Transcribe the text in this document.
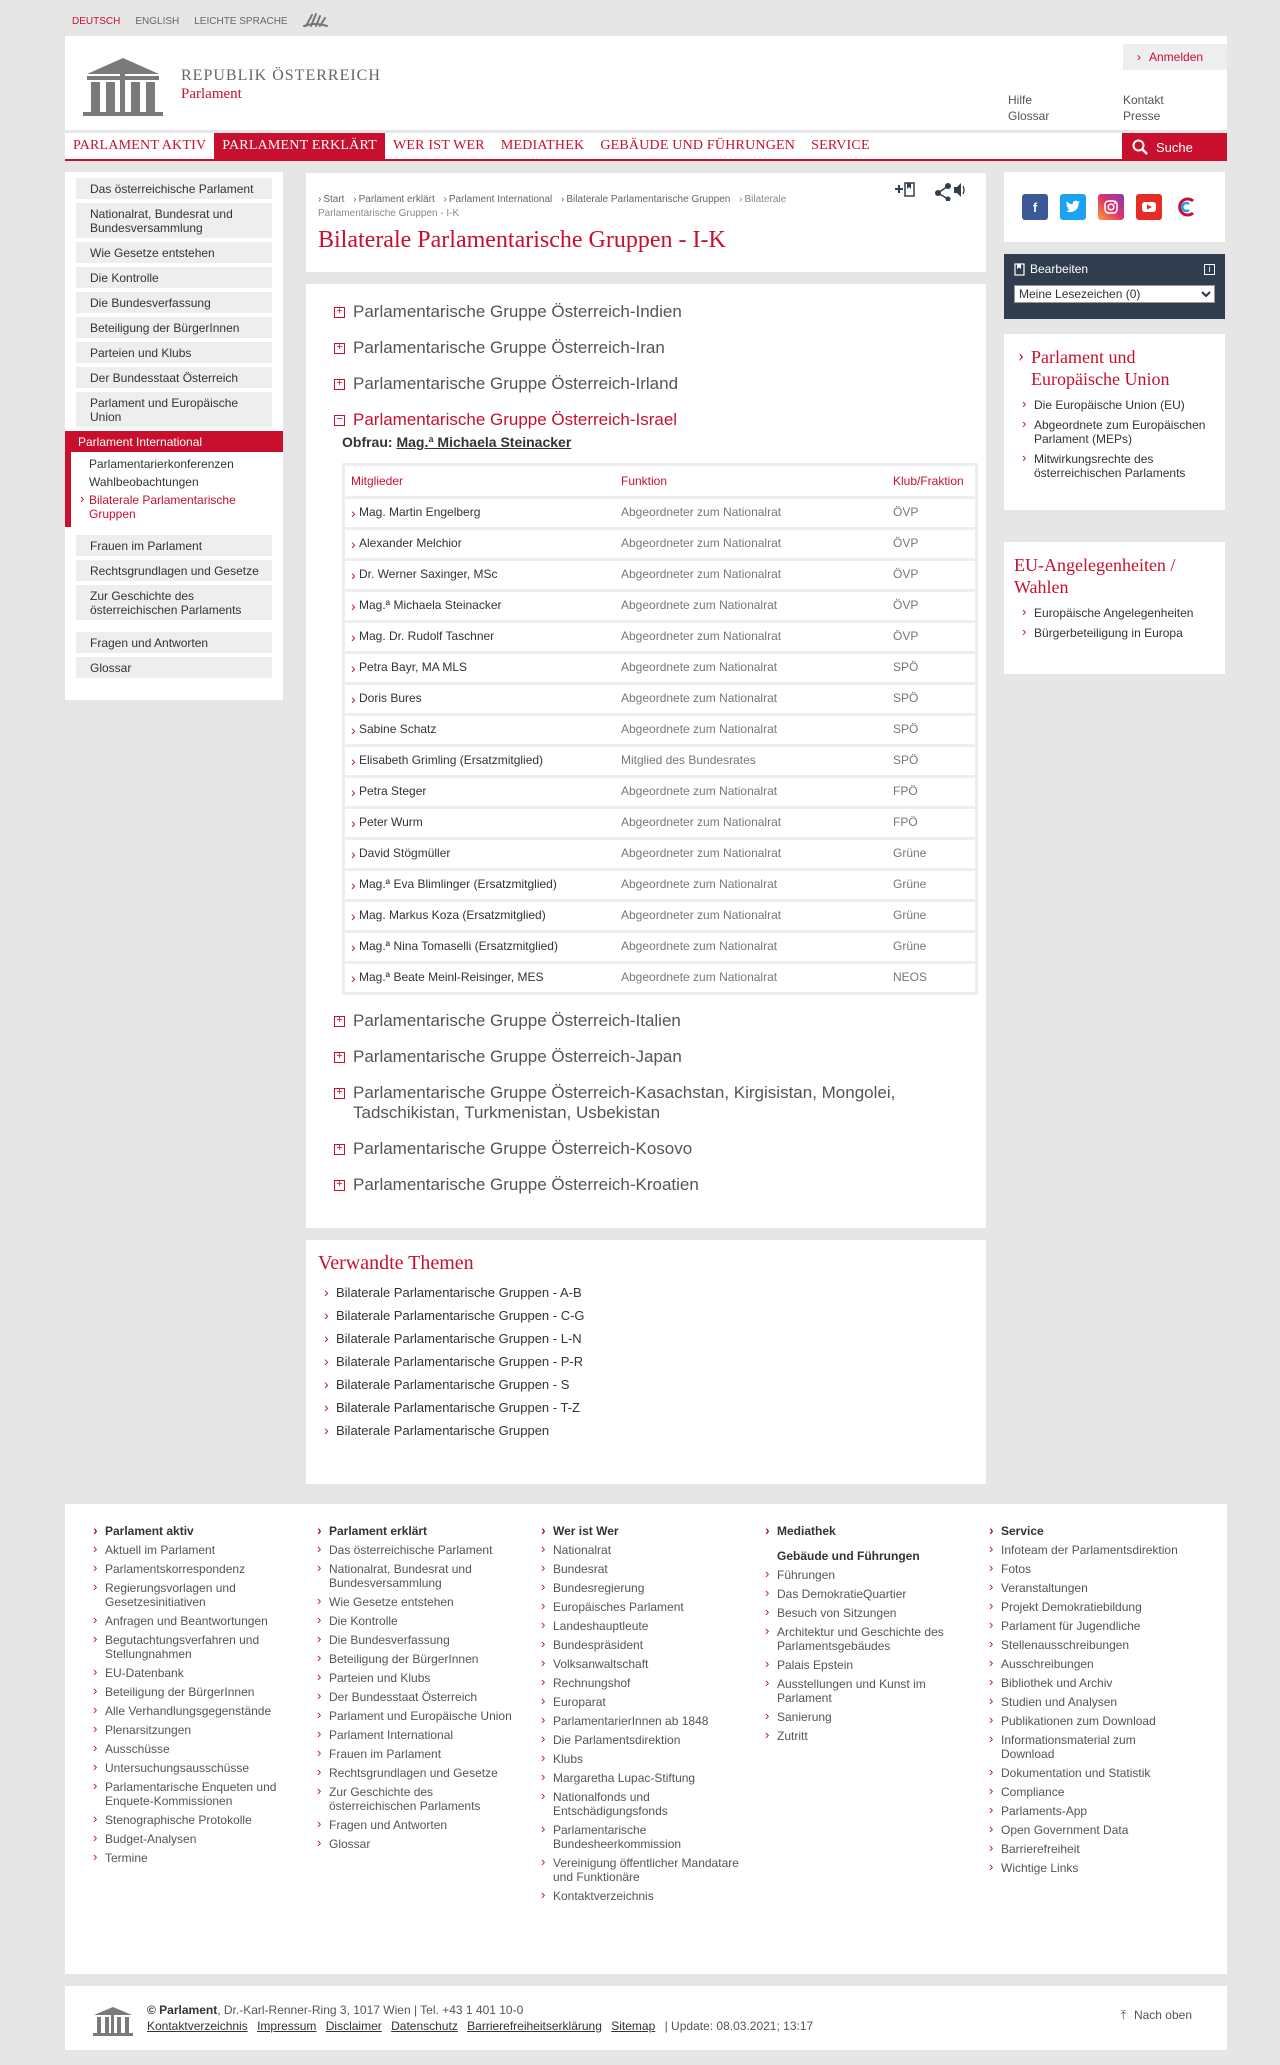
DEUTSCH ENGLISH LEICHTE SPRACHE
REPUBLIK ÖSTERREICH
Parlament
› Anmelden
Hilfe	Kontakt
Glossar	Presse
PARLAMENT AKTIV	PARLAMENT ERKLÄRT	WER IST WER	MEDIATHEK	GEBÄUDE UND FÜHRUNGEN	SERVICE	Suche
Das österreichische Parlament
Nationalrat, Bundesrat und Bundesversammlung
Wie Gesetze entstehen
Die Kontrolle
Die Bundesverfassung
Beteiligung der BürgerInnen
Parteien und Klubs
Der Bundesstaat Österreich
Parlament und Europäische Union
Parlament International
Parlamentarierkonferenzen
Wahlbeobachtungen
› Bilaterale Parlamentarische Gruppen
Frauen im Parlament
Rechtsgrundlagen und Gesetze
Zur Geschichte des österreichischen Parlaments
Fragen und Antworten
Glossar
› Start › Parlament erklärt › Parlament International › Bilaterale Parlamentarische Gruppen › Bilaterale Parlamentarische Gruppen - I-K
Bilaterale Parlamentarische Gruppen - I-K
+ Parlamentarische Gruppe Österreich-Indien
+ Parlamentarische Gruppe Österreich-Iran
+ Parlamentarische Gruppe Österreich-Irland
− Parlamentarische Gruppe Österreich-Israel
Obfrau: Mag.ª Michaela Steinacker
Mitglieder	Funktion	Klub/Fraktion
› Mag. Martin Engelberg	Abgeordneter zum Nationalrat	ÖVP
› Alexander Melchior	Abgeordneter zum Nationalrat	ÖVP
› Dr. Werner Saxinger, MSc	Abgeordneter zum Nationalrat	ÖVP
› Mag.ª Michaela Steinacker	Abgeordnete zum Nationalrat	ÖVP
› Mag. Dr. Rudolf Taschner	Abgeordneter zum Nationalrat	ÖVP
› Petra Bayr, MA MLS	Abgeordnete zum Nationalrat	SPÖ
› Doris Bures	Abgeordnete zum Nationalrat	SPÖ
› Sabine Schatz	Abgeordnete zum Nationalrat	SPÖ
› Elisabeth Grimling (Ersatzmitglied)	Mitglied des Bundesrates	SPÖ
› Petra Steger	Abgeordnete zum Nationalrat	FPÖ
› Peter Wurm	Abgeordneter zum Nationalrat	FPÖ
› David Stögmüller	Abgeordneter zum Nationalrat	Grüne
› Mag.ª Eva Blimlinger (Ersatzmitglied)	Abgeordnete zum Nationalrat	Grüne
› Mag. Markus Koza (Ersatzmitglied)	Abgeordneter zum Nationalrat	Grüne
› Mag.ª Nina Tomaselli (Ersatzmitglied)	Abgeordnete zum Nationalrat	Grüne
› Mag.ª Beate Meinl-Reisinger, MES	Abgeordnete zum Nationalrat	NEOS
+ Parlamentarische Gruppe Österreich-Italien
+ Parlamentarische Gruppe Österreich-Japan
+ Parlamentarische Gruppe Österreich-Kasachstan, Kirgisistan, Mongolei, Tadschikistan, Turkmenistan, Usbekistan
+ Parlamentarische Gruppe Österreich-Kosovo
+ Parlamentarische Gruppe Österreich-Kroatien
Verwandte Themen
› Bilaterale Parlamentarische Gruppen - A-B
› Bilaterale Parlamentarische Gruppen - C-G
› Bilaterale Parlamentarische Gruppen - L-N
› Bilaterale Parlamentarische Gruppen - P-R
› Bilaterale Parlamentarische Gruppen - S
› Bilaterale Parlamentarische Gruppen - T-Z
› Bilaterale Parlamentarische Gruppen
f
Bearbeiten	i
Meine Lesezeichen (0)
› Parlament und Europäische Union
› Die Europäische Union (EU)
› Abgeordnete zum Europäischen Parlament (MEPs)
› Mitwirkungsrechte des österreichischen Parlaments
EU-Angelegenheiten / Wahlen
› Europäische Angelegenheiten
› Bürgerbeteiligung in Europa
› Parlament aktiv
› Aktuell im Parlament
› Parlamentskorrespondenz
› Regierungsvorlagen und Gesetzesinitiativen
› Anfragen und Beantwortungen
› Begutachtungsverfahren und Stellungnahmen
› EU-Datenbank
› Beteiligung der BürgerInnen
› Alle Verhandlungsgegenstände
› Plenarsitzungen
› Ausschüsse
› Untersuchungsausschüsse
› Parlamentarische Enqueten und Enquete-Kommissionen
› Stenographische Protokolle
› Budget-Analysen
› Termine
› Parlament erklärt
› Das österreichische Parlament
› Nationalrat, Bundesrat und Bundesversammlung
› Wie Gesetze entstehen
› Die Kontrolle
› Die Bundesverfassung
› Beteiligung der BürgerInnen
› Parteien und Klubs
› Der Bundesstaat Österreich
› Parlament und Europäische Union
› Parlament International
› Frauen im Parlament
› Rechtsgrundlagen und Gesetze
› Zur Geschichte des österreichischen Parlaments
› Fragen und Antworten
› Glossar
› Wer ist Wer
› Nationalrat
› Bundesrat
› Bundesregierung
› Europäisches Parlament
› Landeshauptleute
› Bundespräsident
› Volksanwaltschaft
› Rechnungshof
› Europarat
› ParlamentarierInnen ab 1848
› Die Parlamentsdirektion
› Klubs
› Margaretha Lupac-Stiftung
› Nationalfonds und Entschädigungsfonds
› Parlamentarische Bundesheerkommission
› Vereinigung öffentlicher Mandatare und Funktionäre
› Kontaktverzeichnis
› Mediathek
Gebäude und Führungen
› Führungen
› Das DemokratieQuartier
› Besuch von Sitzungen
› Architektur und Geschichte des Parlamentsgebäudes
› Palais Epstein
› Ausstellungen und Kunst im Parlament
› Sanierung
› Zutritt
› Service
› Infoteam der Parlamentsdirektion
› Fotos
› Veranstaltungen
› Projekt Demokratiebildung
› Parlament für Jugendliche
› Stellenausschreibungen
› Ausschreibungen
› Bibliothek und Archiv
› Studien und Analysen
› Publikationen zum Download
› Informationsmaterial zum Download
› Dokumentation und Statistik
› Compliance
› Parlaments-App
› Open Government Data
› Barrierefreiheit
› Wichtige Links
© Parlament, Dr.-Karl-Renner-Ring 3, 1017 Wien | Tel. +43 1 401 10-0
Kontaktverzeichnis Impressum Disclaimer Datenschutz Barrierefreiheitserklärung Sitemap | Update: 08.03.2021; 13:17
⤒ Nach oben
